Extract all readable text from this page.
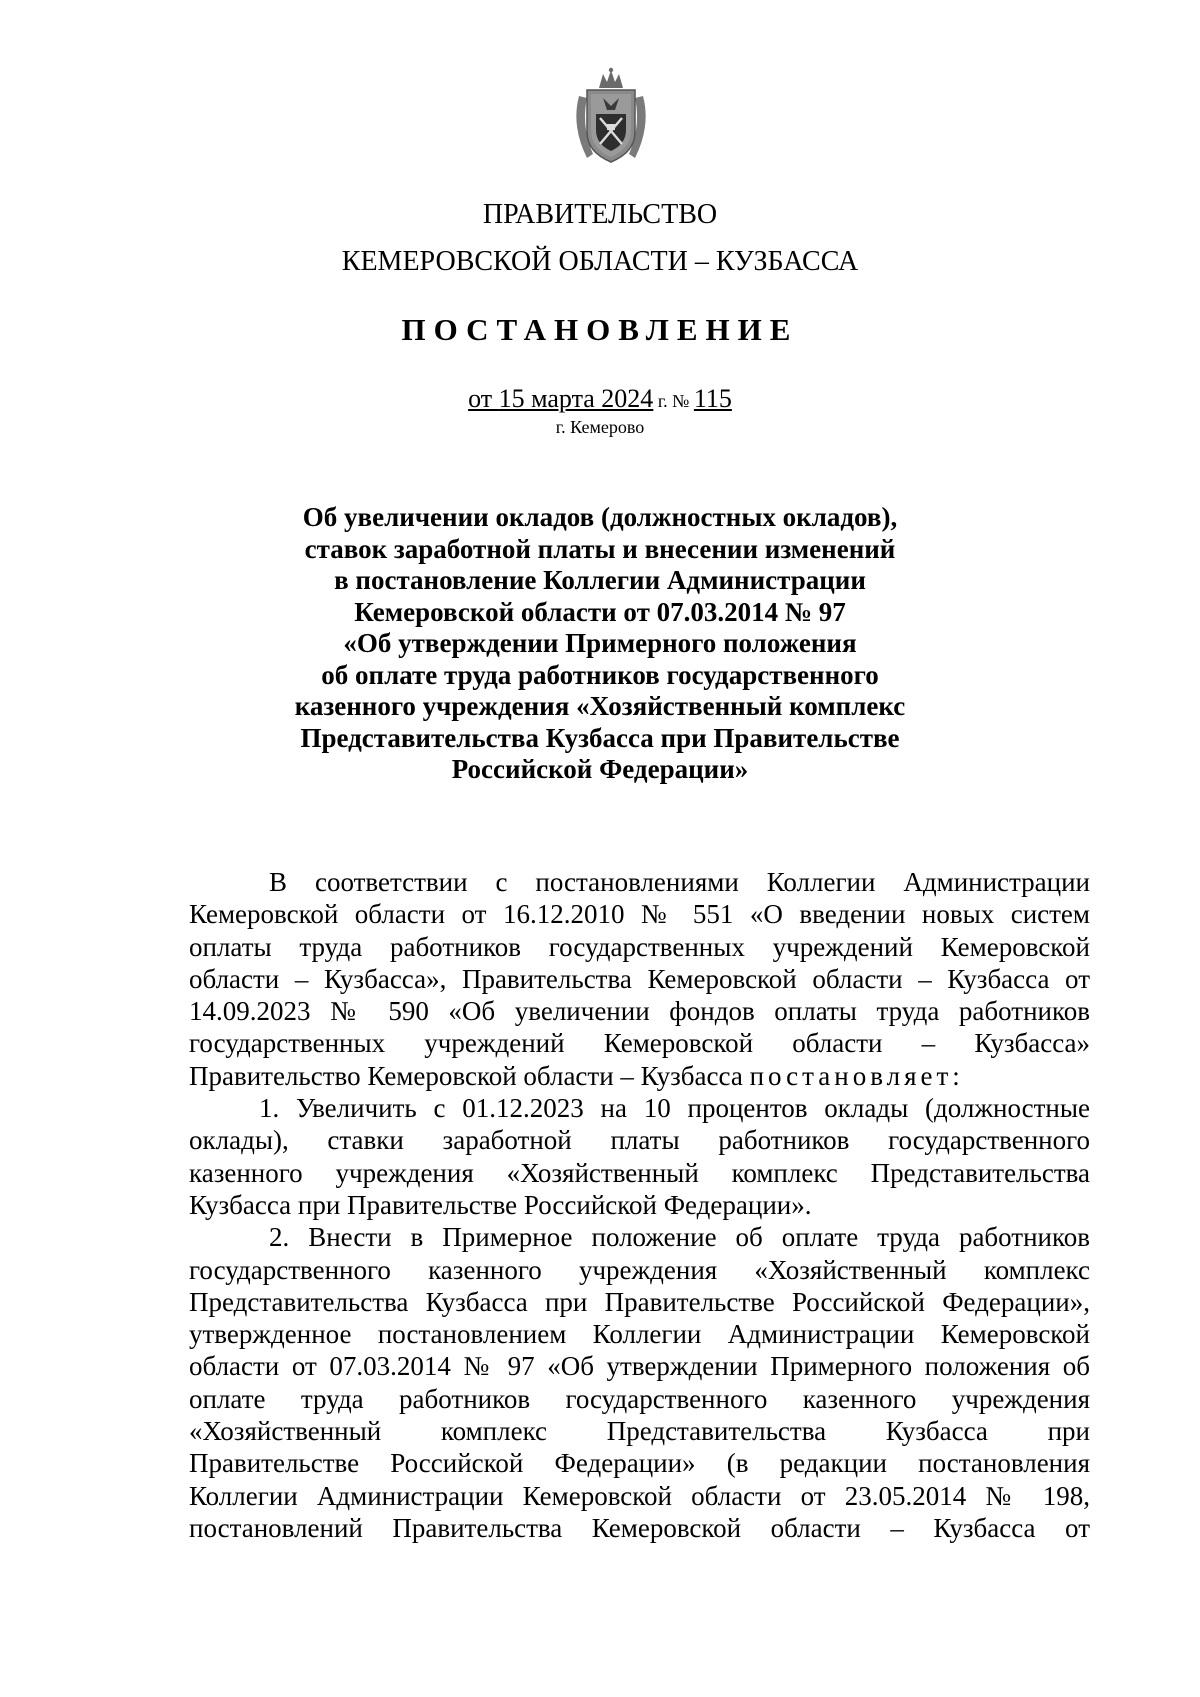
ПРАВИТЕЛЬСТВО
КЕМЕРОВСКОЙ ОБЛАСТИ – КУЗБАССА
ПОСТАНОВЛЕНИЕ
от 15 марта 2024 г. № 115
г. Кемерово
Об увеличении окладов (должностных окладов),
ставок заработной платы и внесении изменений
в постановление Коллегии Администрации
Кемеровской области от 07.03.2014 № 97
«Об утверждении Примерного положения
об оплате труда работников государственного
казенного учреждения «Хозяйственный комплекс
Представительства Кузбасса при Правительстве
Российской Федерации»
В соответствии с постановлениями Коллегии Администрации
Кемеровской области от 16.12.2010 № 551 «О введении новых систем
оплаты труда работников государственных учреждений Кемеровской
области – Кузбасса», Правительства Кемеровской области – Кузбасса от
14.09.2023 № 590 «Об увеличении фондов оплаты труда работников
государственных учреждений Кемеровской области – Кузбасса»
Правительство Кемеровской области – Кузбасса постановляет:
1. Увеличить с 01.12.2023 на 10 процентов оклады (должностные
оклады), ставки заработной платы работников государственного
казенного учреждения «Хозяйственный комплекс Представительства
Кузбасса при Правительстве Российской Федерации».
2. Внести в Примерное положение об оплате труда работников
государственного казенного учреждения «Хозяйственный комплекс
Представительства Кузбасса при Правительстве Российской Федерации»,
утвержденное постановлением Коллегии Администрации Кемеровской
области от 07.03.2014 № 97 «Об утверждении Примерного положения об
оплате труда работников государственного казенного учреждения
«Хозяйственный комплекс Представительства Кузбасса при
Правительстве Российской Федерации» (в редакции постановления
Коллегии Администрации Кемеровской области от 23.05.2014 № 198,
постановлений Правительства Кемеровской области – Кузбасса от
